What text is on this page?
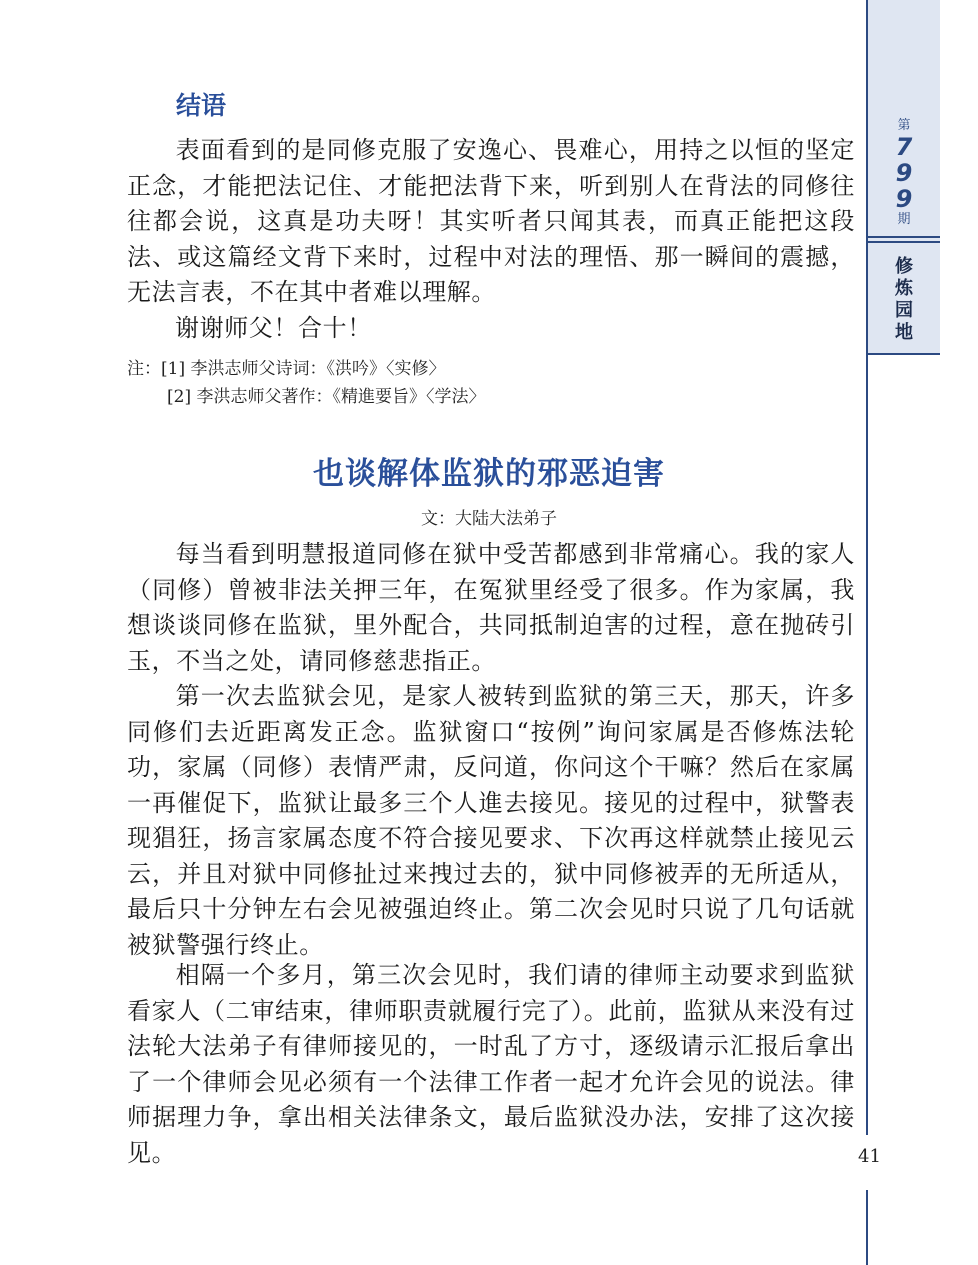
第
7
9
9
期
修
炼
园
地
结语
表面看到的是同修克服了安逸心、畏难心，用持之以恒的坚定正念，才能把法记住、才能把法背下来，听到别人在背法的同修往往都会说，这真是功夫呀！其实听者只闻其表，而真正能把这段法、或这篇经文背下来时，过程中对法的理悟、那一瞬间的震撼，无法言表，不在其中者难以理解。
谢谢师父！合十！
注：[1] 李洪志师父诗词：《洪吟》〈实修〉
[2] 李洪志师父著作：《精進要旨》〈学法〉
也谈解体监狱的邪恶迫害
文：大陆大法弟子
每当看到明慧报道同修在狱中受苦都感到非常痛心。我的家人（同修）曾被非法关押三年，在冤狱里经受了很多。作为家属，我想谈谈同修在监狱，里外配合，共同抵制迫害的过程，意在抛砖引玉，不当之处，请同修慈悲指正。
第一次去监狱会见，是家人被转到监狱的第三天，那天，许多同修们去近距离发正念。监狱窗口“按例”询问家属是否修炼法轮功，家属（同修）表情严肃，反问道，你问这个干嘛？然后在家属一再催促下，监狱让最多三个人進去接见。接见的过程中，狱警表现猖狂，扬言家属态度不符合接见要求、下次再这样就禁止接见云云，并且对狱中同修扯过来拽过去的，狱中同修被弄的无所适从，最后只十分钟左右会见被强迫终止。第二次会见时只说了几句话就被狱警强行终止。
相隔一个多月，第三次会见时，我们请的律师主动要求到监狱看家人（二审结束，律师职责就履行完了）。此前，监狱从来没有过法轮大法弟子有律师接见的，一时乱了方寸，逐级请示汇报后拿出了一个律师会见必须有一个法律工作者一起才允许会见的说法。律师据理力争，拿出相关法律条文，最后监狱没办法，安排了这次接见。	41
